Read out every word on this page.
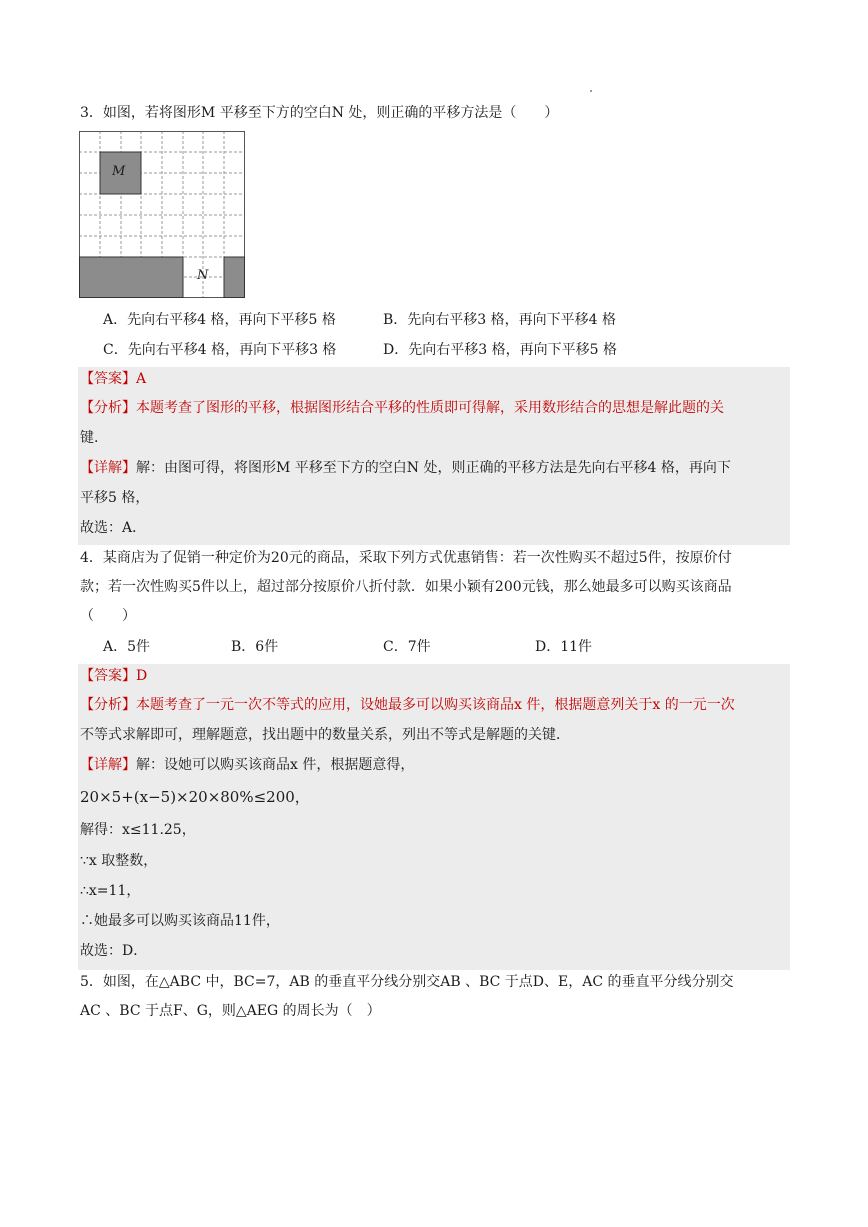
3．如图，若将图形M 平移至下方的空白N 处，则正确的平移方法是（　　）
M
N
A．先向右平移4 格，再向下平移5 格	B．先向右平移3 格，再向下平移4 格
C．先向右平移4 格，再向下平移3 格	D．先向右平移3 格，再向下平移5 格
【答案】A
【分析】本题考查了图形的平移，根据图形结合平移的性质即可得解，采用数形结合的思想是解此题的关
键.
【详解】解：由图可得，将图形M 平移至下方的空白N 处，则正确的平移方法是先向右平移4 格，再向下
平移5 格，
故选：A．
4．某商店为了促销一种定价为20元的商品，采取下列方式优惠销售：若一次性购买不超过5件，按原价付
款；若一次性购买5件以上，超过部分按原价八折付款．如果小颖有200元钱，那么她最多可以购买该商品
（　　）
A．5件	B．6件	C．7件	D．11件
【答案】D
【分析】本题考查了一元一次不等式的应用，设她最多可以购买该商品x 件，根据题意列关于x 的一元一次
不等式求解即可，理解题意，找出题中的数量关系，列出不等式是解题的关键．
【详解】解：设她可以购买该商品x 件，根据题意得，
20×5+(x−5)×20×80%≤200，
解得：x≤11.25，
∵x 取整数，
∴x=11，
∴她最多可以购买该商品11件，
故选：D．
5．如图，在△ABC 中，BC=7，AB 的垂直平分线分别交AB 、BC 于点D、E，AC 的垂直平分线分别交
AC 、BC 于点F、G，则△AEG 的周长为（　）
